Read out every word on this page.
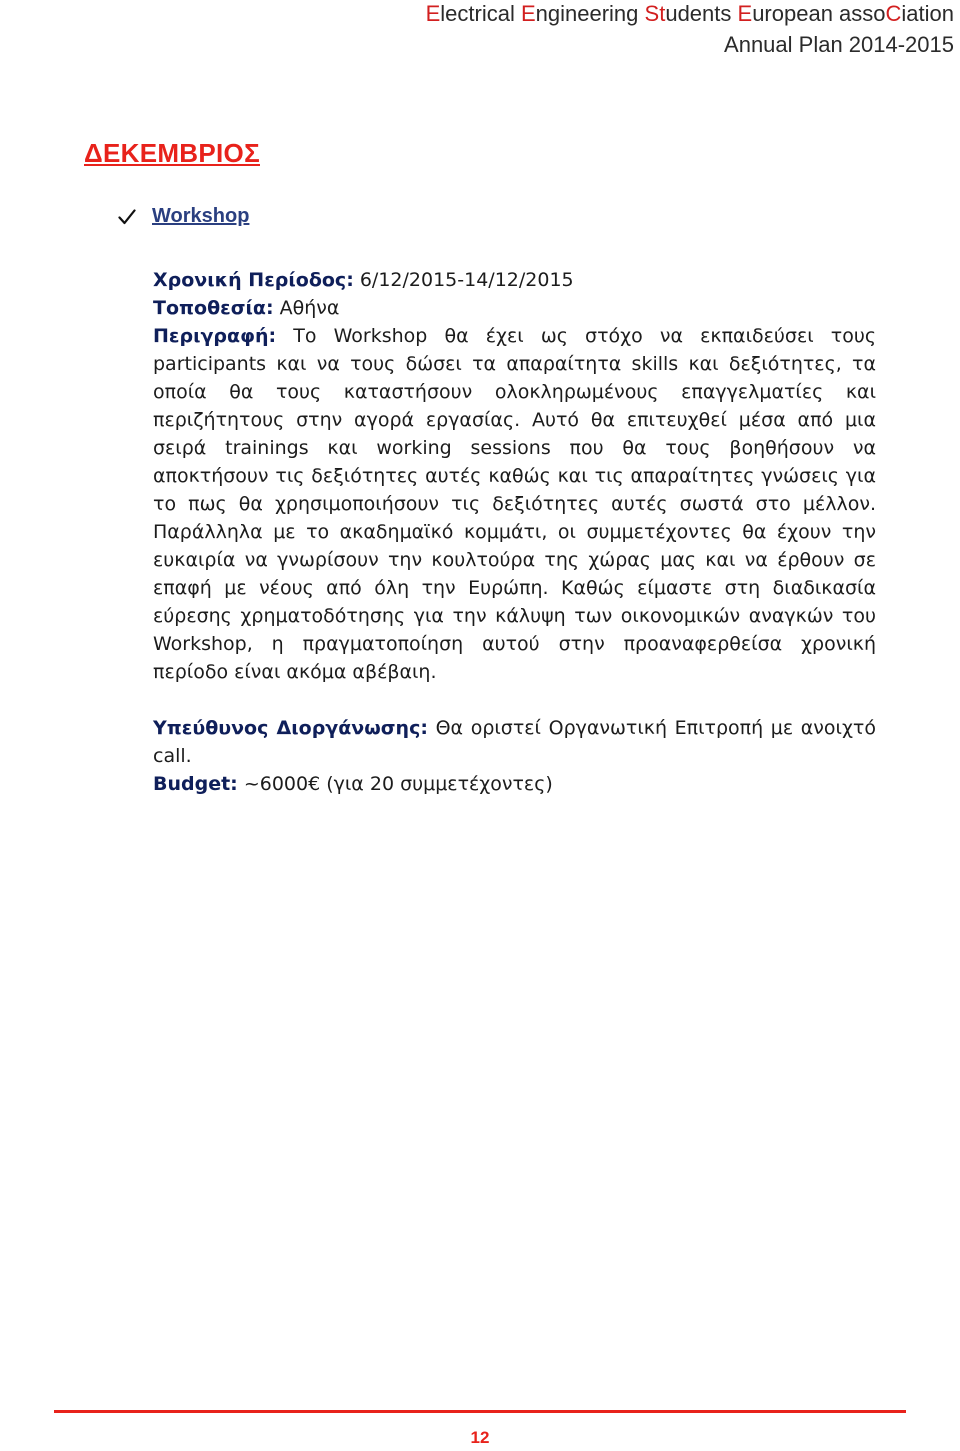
Electrical Engineering Students European assoCiation

Annual Plan 2014-2015

ΔΕΚΕΜΒΡΙΟΣ
Workshop

Χρονική Περίοδος: 6/12/2015-14/12/2015

Τοποθεσία: Αθήνα

Περιγραφή: Το Workshop θα έχει ως στόχο να εκπαιδεύσει τους participants και να τους δώσει τα απαραίτητα skills και δεξιότητες, τα οποία θα τους καταστήσουν ολοκληρωμένους επαγγελματίες και περιζήτητους στην αγορά εργασίας. Αυτό θα επιτευχθεί μέσα από μια σειρά trainings και working sessions που θα τους βοηθήσουν να αποκτήσουν τις δεξιότητες αυτές καθώς και τις απαραίτητες γνώσεις για το πως θα χρησιμοποιήσουν τις δεξιότητες αυτές σωστά στο μέλλον. Παράλληλα με το ακαδημαϊκό κομμάτι, οι συμμετέχοντες θα έχουν την ευκαιρία να γνωρίσουν την κουλτούρα της χώρας μας και να έρθουν σε επαφή με νέους από όλη την Ευρώπη. Καθώς είμαστε στη διαδικασία εύρεσης χρηματοδότησης για την κάλυψη των οικονομικών αναγκών του Workshop, η πραγματοποίηση αυτού στην προαναφερθείσα χρονική περίοδο είναι ακόμα αβέβαιη.

Υπεύθυνος Διοργάνωσης: Θα οριστεί Οργανωτική Επιτροπή με ανοιχτό call.

Budget: ~6000€ (για 20 συμμετέχοντες)

12
